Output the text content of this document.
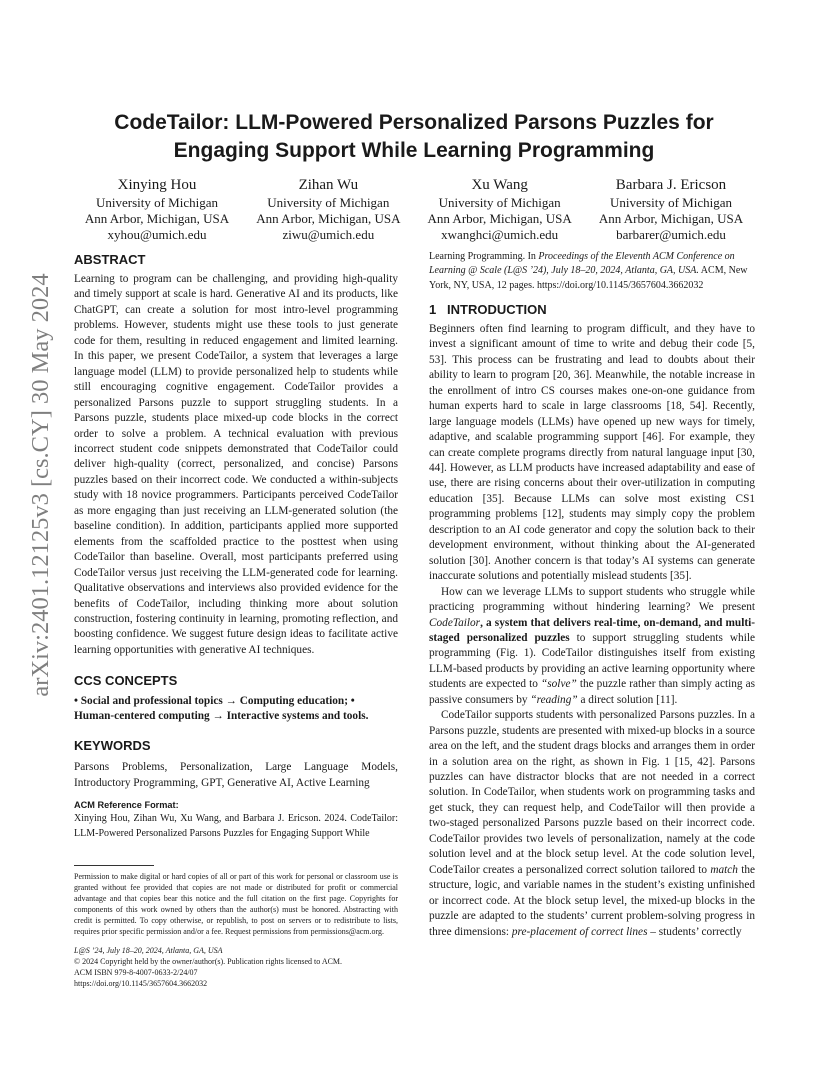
arXiv:2401.12125v3 [cs.CY] 30 May 2024
CodeTailor: LLM-Powered Personalized Parsons Puzzles for
Engaging Support While Learning Programming
Xinying Hou
University of Michigan
Ann Arbor, Michigan, USA
xyhou@umich.edu
Zihan Wu
University of Michigan
Ann Arbor, Michigan, USA
ziwu@umich.edu
Xu Wang
University of Michigan
Ann Arbor, Michigan, USA
xwanghci@umich.edu
Barbara J. Ericson
University of Michigan
Ann Arbor, Michigan, USA
barbarer@umich.edu
ABSTRACT

Learning to program can be challenging, and providing high-quality and timely support at scale is hard. Generative AI and its products, like ChatGPT, can create a solution for most intro-level programming problems. However, students might use these tools to just generate code for them, resulting in reduced engagement and limited learning. In this paper, we present CodeTailor, a system that leverages a large language model (LLM) to provide personalized help to students while still encouraging cognitive engagement. CodeTailor provides a personalized Parsons puzzle to support struggling students. In a Parsons puzzle, students place mixed-up code blocks in the correct order to solve a problem. A technical evaluation with previous incorrect student code snippets demonstrated that CodeTailor could deliver high-quality (correct, personalized, and concise) Parsons puzzles based on their incorrect code. We conducted a within-subjects study with 18 novice programmers. Participants perceived CodeTailor as more engaging than just receiving an LLM-generated solution (the baseline condition). In addition, participants applied more supported elements from the scaffolded practice to the posttest when using CodeTailor than baseline. Overall, most participants preferred using CodeTailor versus just receiving the LLM-generated code for learning. Qualitative observations and interviews also provided evidence for the benefits of CodeTailor, including thinking more about solution construction, fostering continuity in learning, promoting reflection, and boosting confidence. We suggest future design ideas to facilitate active learning opportunities with generative AI techniques.

CCS CONCEPTS
• Social and professional topics → Computing education; •
Human-centered computing → Interactive systems and tools.
KEYWORDS

Parsons Problems, Personalization, Large Language Models, Introductory Programming, GPT, Generative AI, Active Learning

ACM Reference Format:

Xinying Hou, Zihan Wu, Xu Wang, and Barbara J. Ericson. 2024. CodeTailor: LLM-Powered Personalized Parsons Puzzles for Engaging Support While

Permission to make digital or hard copies of all or part of this work for personal or classroom use is granted without fee provided that copies are not made or distributed for profit or commercial advantage and that copies bear this notice and the full citation on the first page. Copyrights for components of this work owned by others than the author(s) must be honored. Abstracting with credit is permitted. To copy otherwise, or republish, to post on servers or to redistribute to lists, requires prior specific permission and/or a fee. Request permissions from permissions@acm.org.

L@S ’24, July 18–20, 2024, Atlanta, GA, USA
© 2024 Copyright held by the owner/author(s). Publication rights licensed to ACM.
ACM ISBN 979-8-4007-0633-2/24/07
https://doi.org/10.1145/3657604.3662032

Learning Programming. In Proceedings of the Eleventh ACM Conference on Learning @ Scale (L@S ’24), July 18–20, 2024, Atlanta, GA, USA. ACM, New York, NY, USA, 12 pages. https://doi.org/10.1145/3657604.3662032

1 INTRODUCTION

Beginners often find learning to program difficult, and they have to invest a significant amount of time to write and debug their code [5, 53]. This process can be frustrating and lead to doubts about their ability to learn to program [20, 36]. Meanwhile, the notable increase in the enrollment of intro CS courses makes one-on-one guidance from human experts hard to scale in large classrooms [18, 54]. Recently, large language models (LLMs) have opened up new ways for timely, adaptive, and scalable programming support [46]. For example, they can create complete programs directly from natural language input [30, 44]. However, as LLM products have increased adaptability and ease of use, there are rising concerns about their over-utilization in computing education [35]. Because LLMs can solve most existing CS1 programming problems [12], students may simply copy the problem description to an AI code generator and copy the solution back to their development environment, without thinking about the AI-generated solution [30]. Another concern is that today’s AI systems can generate inaccurate solutions and potentially mislead students [35].

How can we leverage LLMs to support students who struggle while practicing programming without hindering learning? We present CodeTailor, a system that delivers real-time, on-demand, and multi-staged personalized puzzles to support struggling students while programming (Fig. 1). CodeTailor distinguishes itself from existing LLM-based products by providing an active learning opportunity where students are expected to “solve” the puzzle rather than simply acting as passive consumers by “reading” a direct solution [11].

CodeTailor supports students with personalized Parsons puzzles. In a Parsons puzzle, students are presented with mixed-up blocks in a source area on the left, and the student drags blocks and arranges them in order in a solution area on the right, as shown in Fig. 1 [15, 42]. Parsons puzzles can have distractor blocks that are not needed in a correct solution. In CodeTailor, when students work on programming tasks and get stuck, they can request help, and CodeTailor will then provide a two-staged personalized Parsons puzzle based on their incorrect code. CodeTailor provides two levels of personalization, namely at the code solution level and at the block setup level. At the code solution level, CodeTailor creates a personalized correct solution tailored to match the structure, logic, and variable names in the student’s existing unfinished or incorrect code. At the block setup level, the mixed-up blocks in the puzzle are adapted to the students’ current problem-solving progress in three dimensions: pre-placement of correct lines – students’ correctly
